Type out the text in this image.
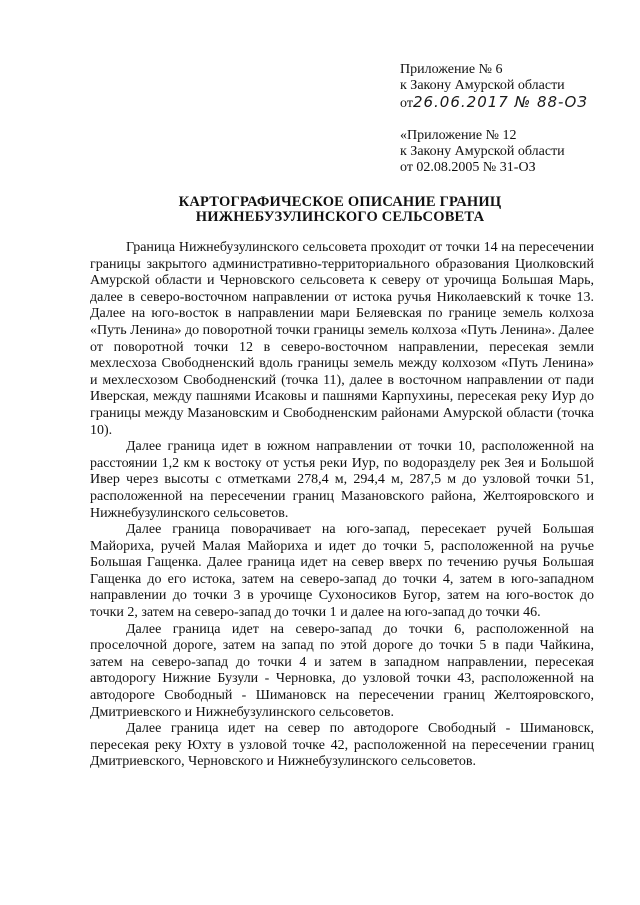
Приложение № 6
к Закону Амурской области
от26.06.2017 № 88-ОЗ
«Приложение № 12
к Закону Амурской области
от 02.08.2005 № 31-ОЗ
КАРТОГРАФИЧЕСКОЕ ОПИСАНИЕ ГРАНИЦ
НИЖНЕБУЗУЛИНСКОГО СЕЛЬСОВЕТА

Граница Нижнебузулинского сельсовета проходит от точки 14 на пересечении границы закрытого административно-территориального образования Циолковский Амурской области и Черновского сельсовета к северу от урочища Большая Марь, далее в северо-восточном направлении от истока ручья Николаевский к точке 13. Далее на юго-восток в направлении мари Беляевская по границе земель колхоза «Путь Ленина» до поворотной точки границы земель колхоза «Путь Ленина». Далее от поворотной точки 12 в северо-восточном направлении, пересекая земли мехлесхоза Свободненский вдоль границы земель между колхозом «Путь Ленина» и мехлесхозом Свободненский (точка 11), далее в восточном направлении от пади Иверская, между пашнями Исаковы и пашнями Карпухины, пересекая реку Иур до границы между Мазановским и Свободненским районами Амурской области (точка 10).

Далее граница идет в южном направлении от точки 10, расположенной на расстоянии 1,2 км к востоку от устья реки Иур, по водоразделу рек Зея и Большой Ивер через высоты с отметками 278,4 м, 294,4 м, 287,5 м до узловой точки 51, расположенной на пересечении границ Мазановского района, Желтояровского и Нижнебузулинского сельсоветов.

Далее граница поворачивает на юго-запад, пересекает ручей Большая Майориха, ручей Малая Майориха и идет до точки 5, расположенной на ручье Большая Гащенка. Далее граница идет на север вверх по течению ручья Большая Гащенка до его истока, затем на северо-запад до точки 4, затем в юго-западном направлении до точки 3 в урочище Сухоносиков Бугор, затем на юго-восток до точки 2, затем на северо-запад до точки 1 и далее на юго-запад до точки 46.

Далее граница идет на северо-запад до точки 6, расположенной на проселочной дороге, затем на запад по этой дороге до точки 5 в пади Чайкина, затем на северо-запад до точки 4 и затем в западном направлении, пересекая автодорогу Нижние Бузули - Черновка, до узловой точки 43, расположенной на автодороге Свободный - Шимановск на пересечении границ Желтояровского, Дмитриевского и Нижнебузулинского сельсоветов.

Далее граница идет на север по автодороге Свободный - Шимановск, пересекая реку Юхту в узловой точке 42, расположенной на пересечении границ Дмитриевского, Черновского и Нижнебузулинского сельсоветов.
